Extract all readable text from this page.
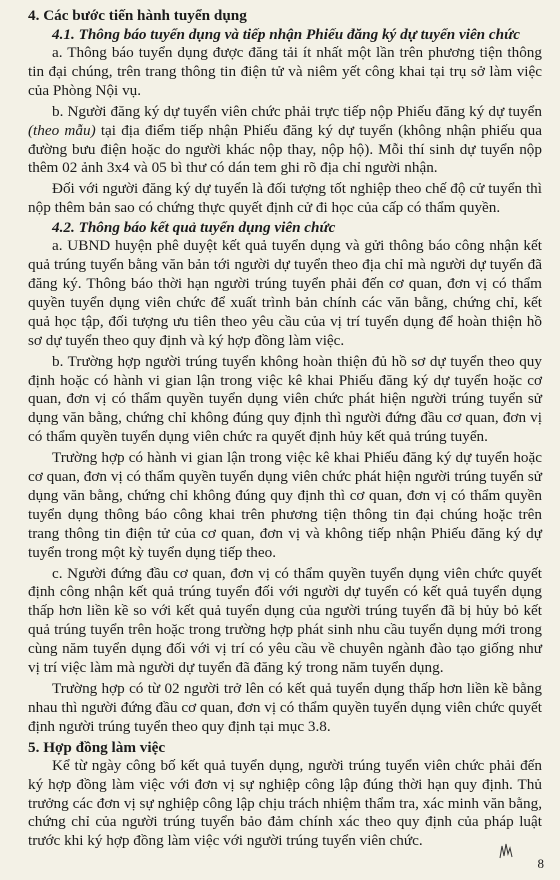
4. Các bước tiến hành tuyển dụng

4.1. Thông báo tuyển dụng và tiếp nhận Phiếu đăng ký dự tuyển viên chức

a. Thông báo tuyển dụng được đăng tải ít nhất một lần trên phương tiện thông tin đại chúng, trên trang thông tin điện tử và niêm yết công khai tại trụ sở làm việc của Phòng Nội vụ.

b. Người đăng ký dự tuyển viên chức phải trực tiếp nộp Phiếu đăng ký dự tuyển (theo mẫu) tại địa điểm tiếp nhận Phiếu đăng ký dự tuyển (không nhận phiếu qua đường bưu điện hoặc do người khác nộp thay, nộp hộ). Mỗi thí sinh dự tuyển nộp thêm 02 ảnh 3x4 và 05 bì thư có dán tem ghi rõ địa chỉ người nhận.

Đối với người đăng ký dự tuyển là đối tượng tốt nghiệp theo chế độ cử tuyển thì nộp thêm bản sao có chứng thực quyết định cử đi học của cấp có thẩm quyền.

4.2. Thông báo kết quả tuyển dụng viên chức

a. UBND huyện phê duyệt kết quả tuyển dụng và gửi thông báo công nhận kết quả trúng tuyển bằng văn bản tới người dự tuyển theo địa chỉ mà người dự tuyển đã đăng ký. Thông báo thời hạn người trúng tuyển phải đến cơ quan, đơn vị có thẩm quyền tuyển dụng viên chức để xuất trình bản chính các văn bằng, chứng chỉ, kết quả học tập, đối tượng ưu tiên theo yêu cầu của vị trí tuyển dụng để hoàn thiện hồ sơ dự tuyển theo quy định và ký hợp đồng làm việc.

b. Trường hợp người trúng tuyển không hoàn thiện đủ hồ sơ dự tuyển theo quy định hoặc có hành vi gian lận trong việc kê khai Phiếu đăng ký dự tuyển hoặc cơ quan, đơn vị có thẩm quyền tuyển dụng viên chức phát hiện người trúng tuyển sử dụng văn bằng, chứng chỉ không đúng quy định thì người đứng đầu cơ quan, đơn vị có thẩm quyền tuyển dụng viên chức ra quyết định hủy kết quả trúng tuyển.

Trường hợp có hành vi gian lận trong việc kê khai Phiếu đăng ký dự tuyển hoặc cơ quan, đơn vị có thẩm quyền tuyển dụng viên chức phát hiện người trúng tuyển sử dụng văn bằng, chứng chỉ không đúng quy định thì cơ quan, đơn vị có thẩm quyền tuyển dụng thông báo công khai trên phương tiện thông tin đại chúng hoặc trên trang thông tin điện tử của cơ quan, đơn vị và không tiếp nhận Phiếu đăng ký dự tuyển trong một kỳ tuyển dụng tiếp theo.

c. Người đứng đầu cơ quan, đơn vị có thẩm quyền tuyển dụng viên chức quyết định công nhận kết quả trúng tuyển đối với người dự tuyển có kết quả tuyển dụng thấp hơn liền kề so với kết quả tuyển dụng của người trúng tuyển đã bị hủy bỏ kết quả trúng tuyển trên hoặc trong trường hợp phát sinh nhu cầu tuyển dụng mới trong cùng năm tuyển dụng đối với vị trí có yêu cầu về chuyên ngành đào tạo giống như vị trí việc làm mà người dự tuyển đã đăng ký trong năm tuyển dụng.

Trường hợp có từ 02 người trở lên có kết quả tuyển dụng thấp hơn liền kề bằng nhau thì người đứng đầu cơ quan, đơn vị có thẩm quyền tuyển dụng viên chức quyết định người trúng tuyển theo quy định tại mục 3.8.

5. Hợp đồng làm việc

Kể từ ngày công bố kết quả tuyển dụng, người trúng tuyển viên chức phải đến ký hợp đồng làm việc với đơn vị sự nghiệp công lập đúng thời hạn quy định. Thủ trưởng các đơn vị sự nghiệp công lập chịu trách nhiệm thẩm tra, xác minh văn bằng, chứng chỉ của người trúng tuyển bảo đảm chính xác theo quy định của pháp luật trước khi ký hợp đồng làm việc với người trúng tuyển viên chức.

8
